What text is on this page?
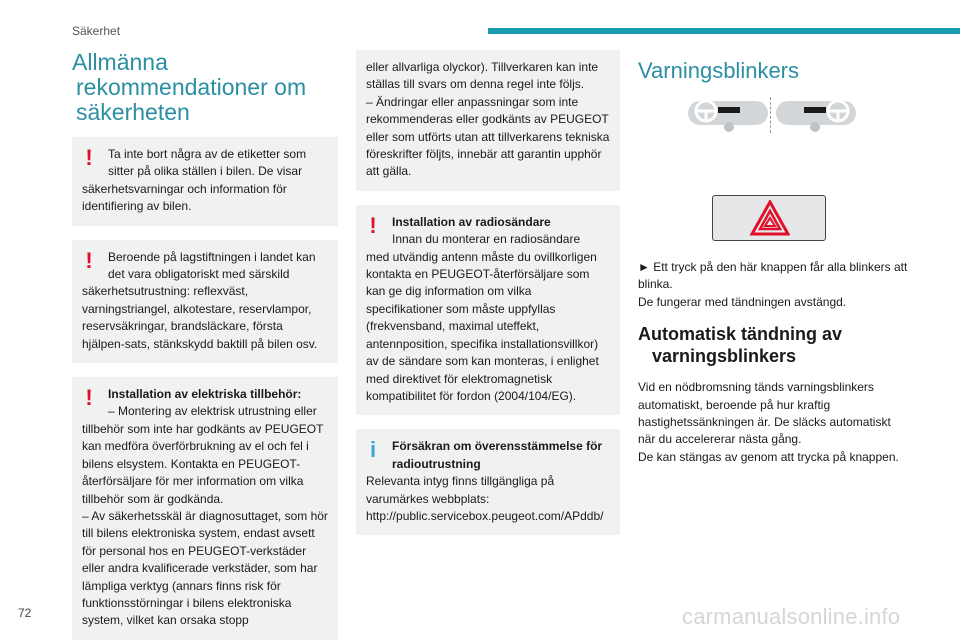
Säkerhet
Allmänna
rekommendationer om
säkerheten
!	Ta inte bort några av de etiketter som sitter på olika ställen i bilen. De visar
säkerhetsvarningar och information för identifiering av bilen.
!	Beroende på lagstiftningen i landet kan det vara obligatoriskt med särskild
säkerhetsutrustning: reflexväst, varningstriangel, alkotestare, reservlampor, reservsäkringar, brandsläckare, första hjälpen-sats, stänkskydd baktill på bilen osv.
!	Installation av elektriska tillbehör:
– Montering av elektrisk utrustning eller
tillbehör som inte har godkänts av PEUGEOT kan medföra överförbrukning av el och fel i bilens elsystem. Kontakta en PEUGEOT-återförsäljare för mer information om vilka tillbehör som är godkända.
– Av säkerhetsskäl är diagnosuttaget, som hör till bilens elektroniska system, endast avsett för personal hos en PEUGEOT-verkstäder eller andra kvalificerade verkstäder, som har lämpliga verktyg (annars finns risk för funktionsstörningar i bilens elektroniska system, vilket kan orsaka stopp
eller allvarliga olyckor). Tillverkaren kan inte ställas till svars om denna regel inte följs.
– Ändringar eller anpassningar som inte rekommenderas eller godkänts av PEUGEOT eller som utförts utan att tillverkarens tekniska föreskrifter följts, innebär att garantin upphör att gälla.
!	Installation av radiosändare
Innan du monterar en radiosändare
med utvändig antenn måste du ovillkorligen kontakta en PEUGEOT-återförsäljare som kan ge dig information om vilka specifikationer som måste uppfyllas (frekvensband, maximal uteffekt, antennposition, specifika installationsvillkor) av de sändare som kan monteras, i enlighet med direktivet för elektromagnetisk kompatibilitet för fordon (2004/104/EG).
i	Försäkran om överensstämmelse för radioutrustning
Relevanta intyg finns tillgängliga på varumärkes webbplats:
http://public.servicebox.peugeot.com/APddb/
Varningsblinkers
► Ett tryck på den här knappen får alla blinkers att blinka.
De fungerar med tändningen avstängd.
Automatisk tändning av
varningsblinkers
Vid en nödbromsning tänds varningsblinkers automatiskt, beroende på hur kraftig hastighetssänkningen är. De släcks automatiskt när du accelererar nästa gång.
De kan stängas av genom att trycka på knappen.
72	carmanualsonline.info
